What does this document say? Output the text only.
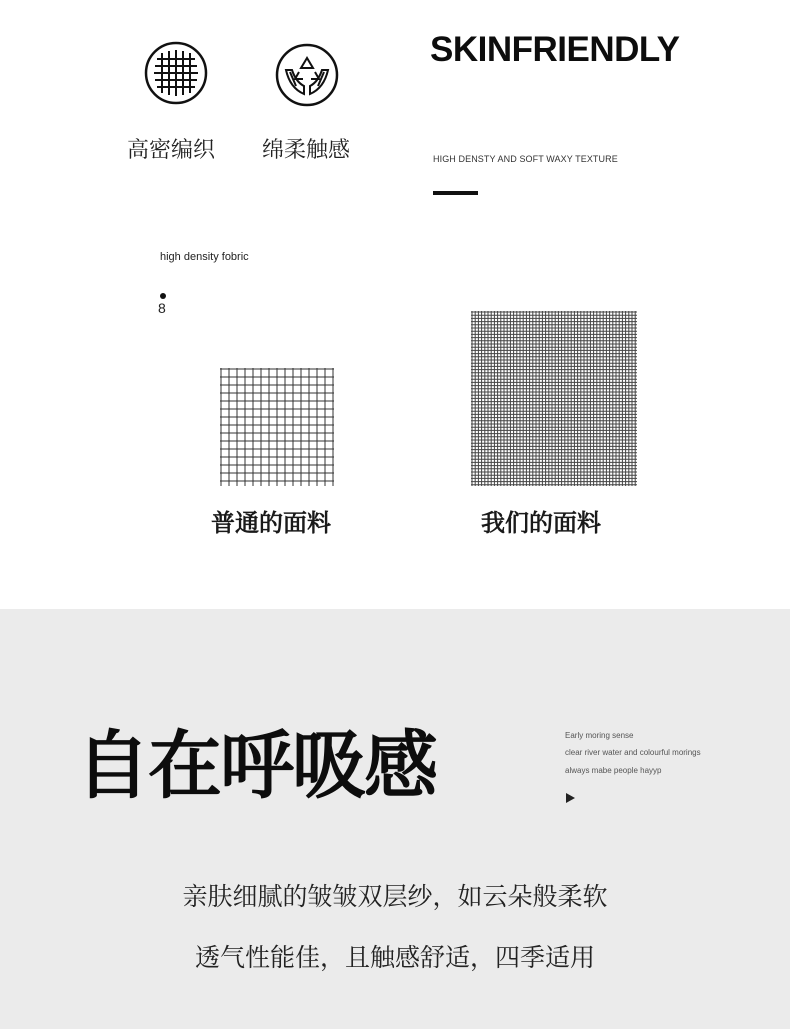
高密编织 绵柔触感
SKINFRIENDLY
HIGH DENSTY AND SOFT WAXY TEXTURE
high density fobric
8
普通的面料	我们的面料
自在呼吸感	Early moring sense
clear river water and colourful morings
always mabe people hayyp
亲肤细腻的皱皱双层纱，如云朵般柔软
透气性能佳，且触感舒适，四季适用
